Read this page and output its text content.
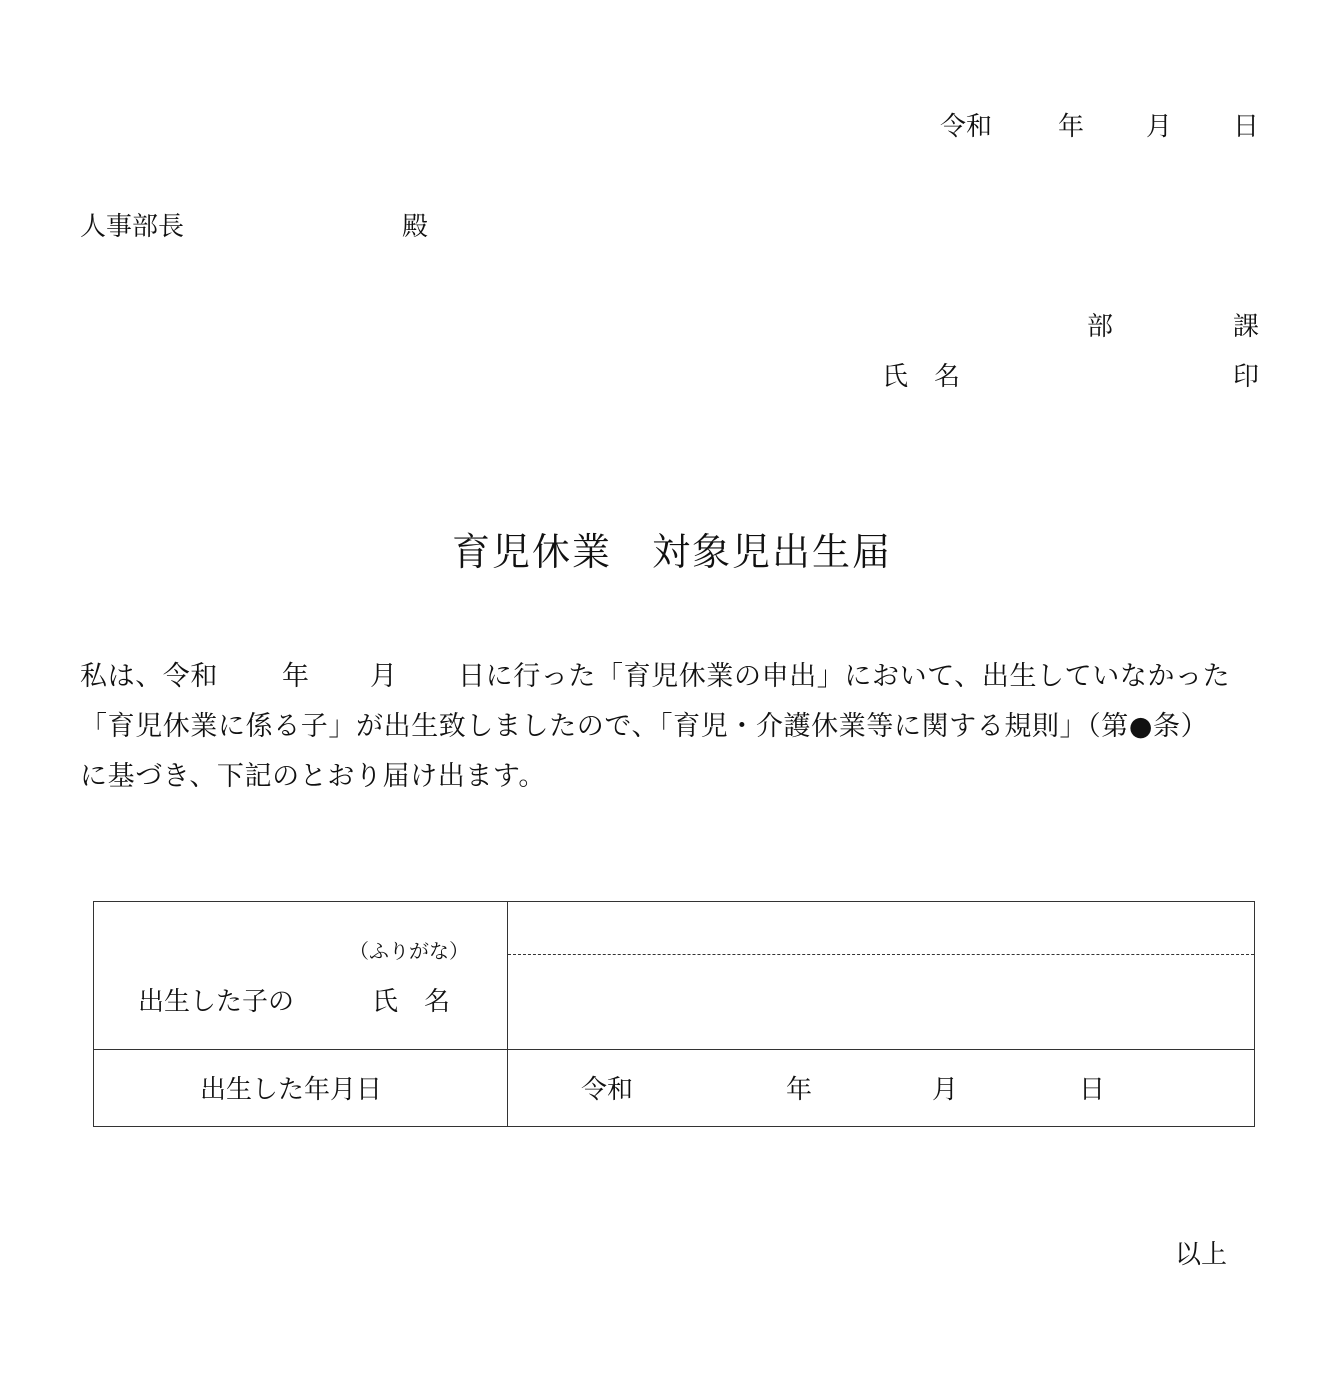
令和	年 月 日
人事部長	殿
部	課
氏　名	印
育児休業　対象児出生届
私は、令和 年 月 日に行った「育児休業の申出」において、出生していなかった
「育児休業に係る子」が出生致しましたので、「育児・介護休業等に関する規則」（第●条）
に基づき、下記のとおり届け出ます。
（ふりがな）
出生した子の	氏　名
出生した年月日	令和	年	月	日
以上
